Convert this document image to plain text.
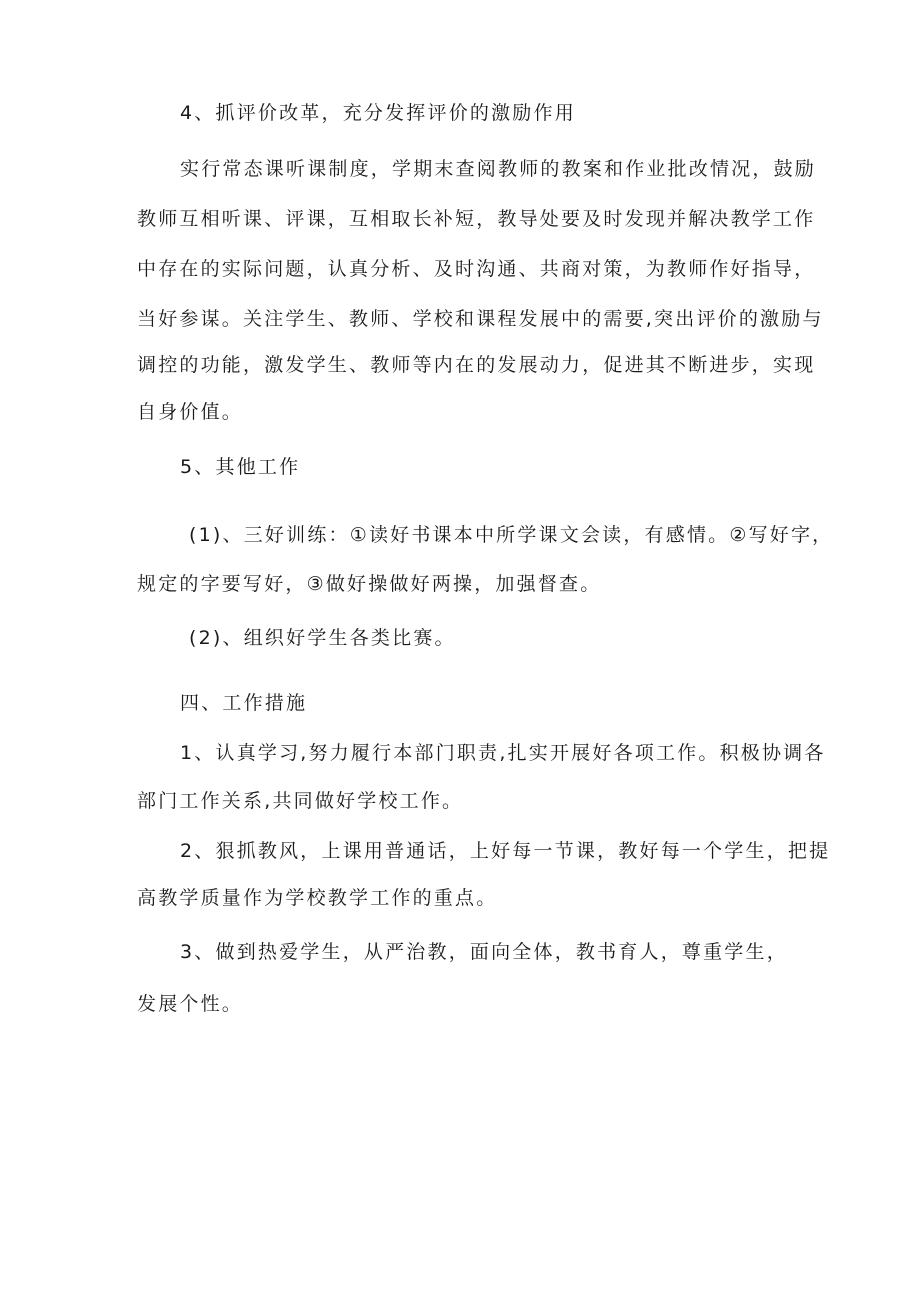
4、抓评价改革，充分发挥评价的激励作用

实行常态课听课制度，学期末查阅教师的教案和作业批改情况，鼓励

教师互相听课、评课，互相取长补短，教导处要及时发现并解决教学工作

中存在的实际问题，认真分析、及时沟通、共商对策，为教师作好指导，

当好参谋。关注学生、教师、学校和课程发展中的需要,突出评价的激励与

调控的功能，激发学生、教师等内在的发展动力，促进其不断进步，实现

自身价值。

5、其他工作

(1)、三好训练：①读好书课本中所学课文会读，有感情。②写好字，

规定的字要写好，③做好操做好两操，加强督查。

(2)、组织好学生各类比赛。

四、工作措施

1、认真学习,努力履行本部门职责,扎实开展好各项工作。积极协调各

部门工作关系,共同做好学校工作。

2、狠抓教风，上课用普通话，上好每一节课，教好每一个学生，把提

高教学质量作为学校教学工作的重点。

3、做到热爱学生，从严治教，面向全体，教书育人，尊重学生，

发展个性。
